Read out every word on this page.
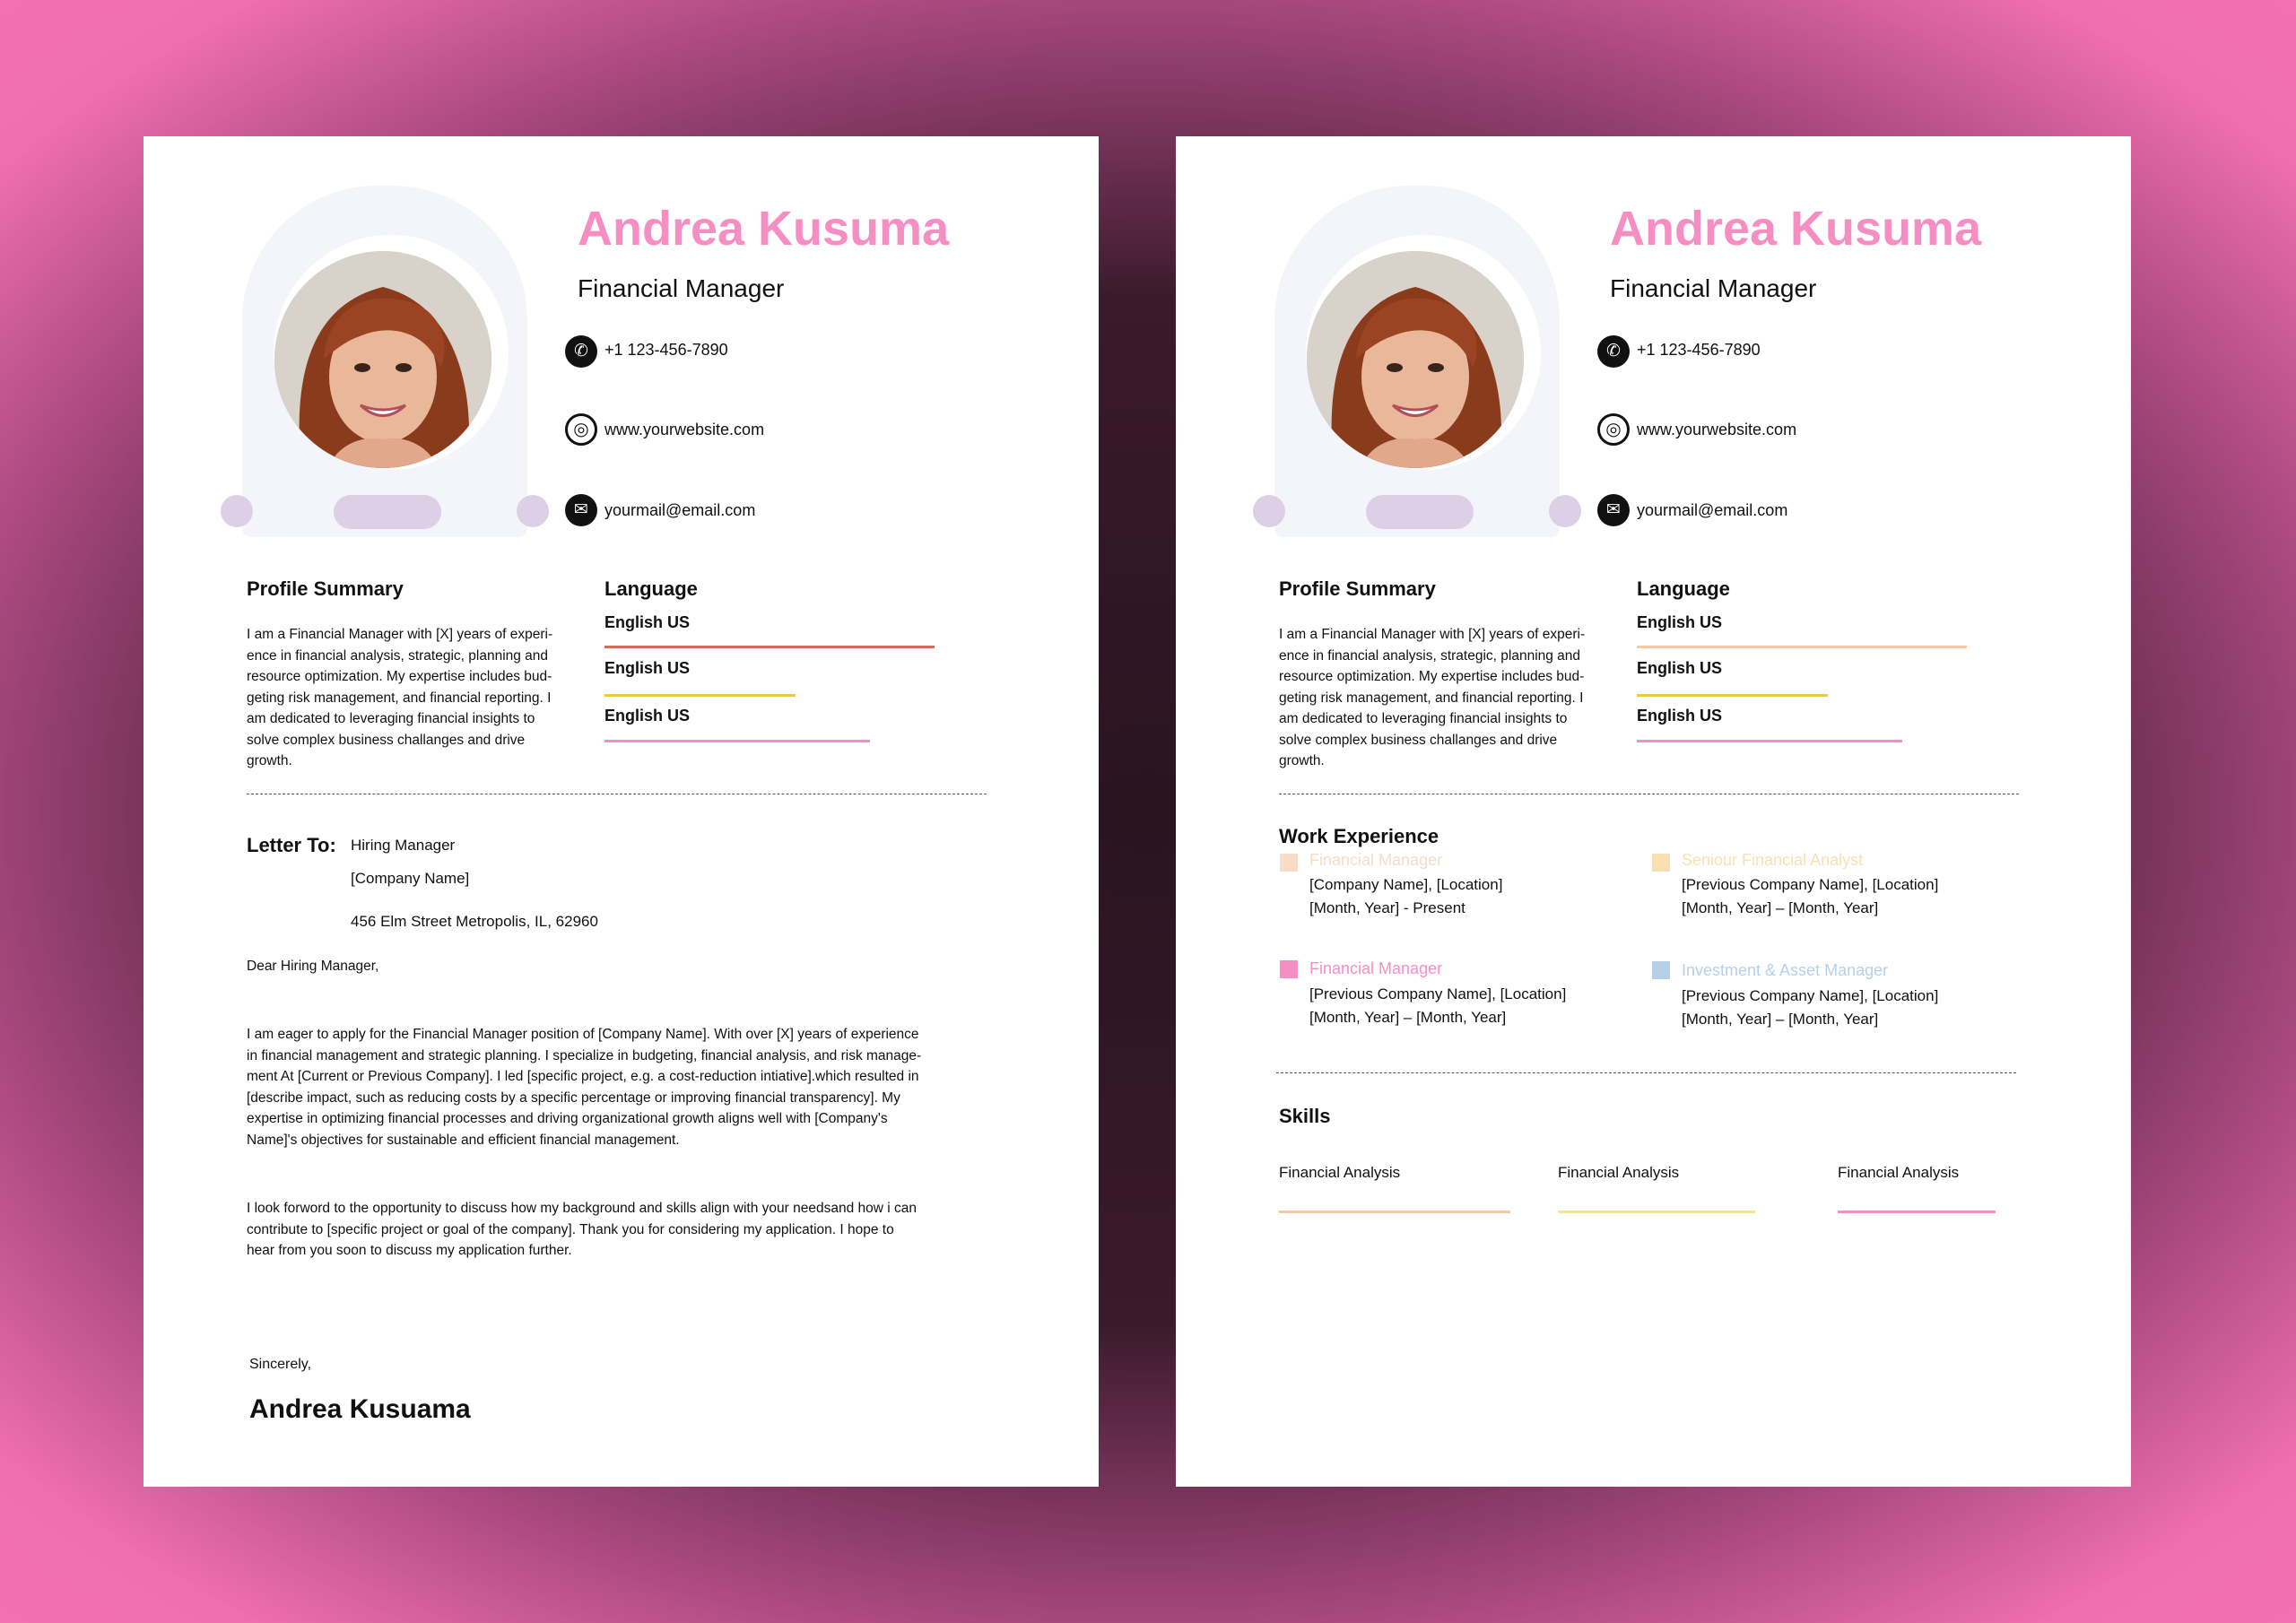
Andrea Kusuma
Financial Manager
✆	+1 123-456-7890
◎ www.yourwebsite.com
✉	yourmail@email.com
Profile Summary
I am a Financial Manager with [X] years of experi-
ence in financial analysis, strategic, planning and
resource optimization. My expertise includes bud-
geting risk management, and financial reporting. I
am dedicated to leveraging financial insights to
solve complex business challanges and drive
growth.
Language
English US
English US
English US
Letter To: Hiring Manager
[Company Name]
456 Elm Street Metropolis, IL, 62960
Dear Hiring Manager,
I am eager to apply for the Financial Manager position of [Company Name]. With over [X] years of experience
in financial management and strategic planning. I specialize in budgeting, financial analysis, and risk manage-
ment At [Current or Previous Company]. I led [specific project, e.g. a cost-reduction intiative].which resulted in
[describe impact, such as reducing costs by a specific percentage or improving financial transparency]. My
expertise in optimizing financial processes and driving organizational growth aligns well with [Company's
Name]'s objectives for sustainable and efficient financial management.
I look forword to the opportunity to discuss how my background and skills align with your needsand how i can
contribute to [specific project or goal of the company]. Thank you for considering my application. I hope to
hear from you soon to discuss my application further.
Sincerely,
Andrea Kusuama
Andrea Kusuma
Financial Manager
✆	+1 123-456-7890
◎ www.yourwebsite.com
✉	yourmail@email.com
Profile Summary
I am a Financial Manager with [X] years of experi-
ence in financial analysis, strategic, planning and
resource optimization. My expertise includes bud-
geting risk management, and financial reporting. I
am dedicated to leveraging financial insights to
solve complex business challanges and drive
growth.
Language
English US
English US
English US
Work Experience
Financial Manager
[Company Name], [Location]
[Month, Year] - Present
Seniour Financial Analyst
[Previous Company Name], [Location]
[Month, Year] – [Month, Year]
Financial Manager
[Previous Company Name], [Location]
[Month, Year] – [Month, Year]
Investment & Asset Manager
[Previous Company Name], [Location]
[Month, Year] – [Month, Year]
Skills
Financial Analysis	Financial Analysis	Financial Analysis
